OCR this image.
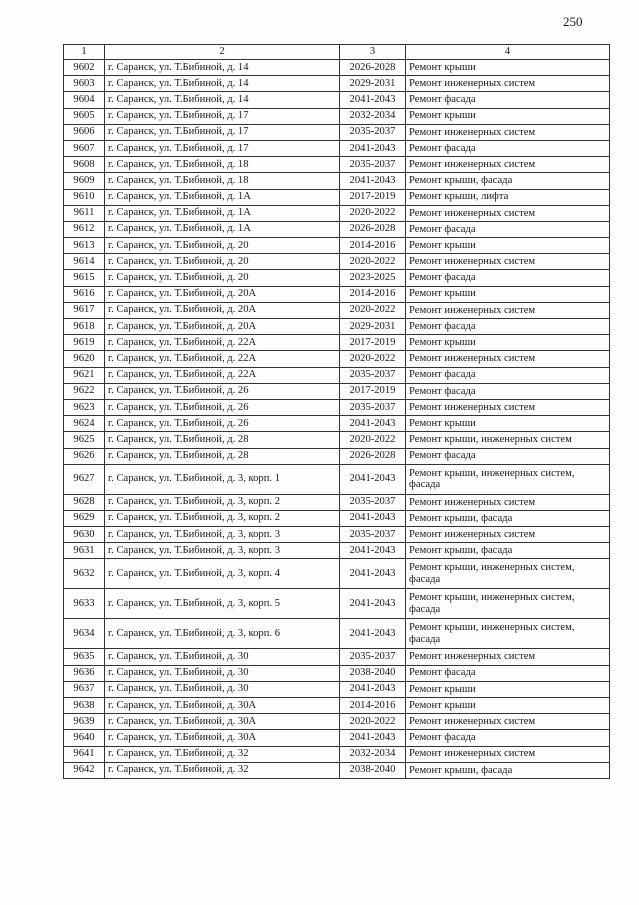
250
1	2	3	4
9602	г. Саранск, ул. Т.Бибиной, д. 14	2026-2028	Ремонт крыши
9603	г. Саранск, ул. Т.Бибиной, д. 14	2029-2031	Ремонт инженерных систем
9604	г. Саранск, ул. Т.Бибиной, д. 14	2041-2043	Ремонт фасада
9605	г. Саранск, ул. Т.Бибиной, д. 17	2032-2034	Ремонт крыши
9606	г. Саранск, ул. Т.Бибиной, д. 17	2035-2037	Ремонт инженерных систем
9607	г. Саранск, ул. Т.Бибиной, д. 17	2041-2043	Ремонт фасада
9608	г. Саранск, ул. Т.Бибиной, д. 18	2035-2037	Ремонт инженерных систем
9609	г. Саранск, ул. Т.Бибиной, д. 18	2041-2043	Ремонт крыши, фасада
9610	г. Саранск, ул. Т.Бибиной, д. 1А	2017-2019	Ремонт крыши, лифта
9611	г. Саранск, ул. Т.Бибиной, д. 1А	2020-2022	Ремонт инженерных систем
9612	г. Саранск, ул. Т.Бибиной, д. 1А	2026-2028	Ремонт фасада
9613	г. Саранск, ул. Т.Бибиной, д. 20	2014-2016	Ремонт крыши
9614	г. Саранск, ул. Т.Бибиной, д. 20	2020-2022	Ремонт инженерных систем
9615	г. Саранск, ул. Т.Бибиной, д. 20	2023-2025	Ремонт фасада
9616	г. Саранск, ул. Т.Бибиной, д. 20А	2014-2016	Ремонт крыши
9617	г. Саранск, ул. Т.Бибиной, д. 20А	2020-2022	Ремонт инженерных систем
9618	г. Саранск, ул. Т.Бибиной, д. 20А	2029-2031	Ремонт фасада
9619	г. Саранск, ул. Т.Бибиной, д. 22А	2017-2019	Ремонт крыши
9620	г. Саранск, ул. Т.Бибиной, д. 22А	2020-2022	Ремонт инженерных систем
9621	г. Саранск, ул. Т.Бибиной, д. 22А	2035-2037	Ремонт фасада
9622	г. Саранск, ул. Т.Бибиной, д. 26	2017-2019	Ремонт фасада
9623	г. Саранск, ул. Т.Бибиной, д. 26	2035-2037	Ремонт инженерных систем
9624	г. Саранск, ул. Т.Бибиной, д. 26	2041-2043	Ремонт крыши
9625	г. Саранск, ул. Т.Бибиной, д. 28	2020-2022	Ремонт крыши, инженерных систем
9626	г. Саранск, ул. Т.Бибиной, д. 28	2026-2028	Ремонт фасада
9627	г. Саранск, ул. Т.Бибиной, д. 3, корп. 1	2041-2043	Ремонт крыши, инженерных систем, фасада
9628	г. Саранск, ул. Т.Бибиной, д. 3, корп. 2	2035-2037	Ремонт инженерных систем
9629	г. Саранск, ул. Т.Бибиной, д. 3, корп. 2	2041-2043	Ремонт крыши, фасада
9630	г. Саранск, ул. Т.Бибиной, д. 3, корп. 3	2035-2037	Ремонт инженерных систем
9631	г. Саранск, ул. Т.Бибиной, д. 3, корп. 3	2041-2043	Ремонт крыши, фасада
9632	г. Саранск, ул. Т.Бибиной, д. 3, корп. 4	2041-2043	Ремонт крыши, инженерных систем, фасада
9633	г. Саранск, ул. Т.Бибиной, д. 3, корп. 5	2041-2043	Ремонт крыши, инженерных систем, фасада
9634	г. Саранск, ул. Т.Бибиной, д. 3, корп. 6	2041-2043	Ремонт крыши, инженерных систем, фасада
9635	г. Саранск, ул. Т.Бибиной, д. 30	2035-2037	Ремонт инженерных систем
9636	г. Саранск, ул. Т.Бибиной, д. 30	2038-2040	Ремонт фасада
9637	г. Саранск, ул. Т.Бибиной, д. 30	2041-2043	Ремонт крыши
9638	г. Саранск, ул. Т.Бибиной, д. 30А	2014-2016	Ремонт крыши
9639	г. Саранск, ул. Т.Бибиной, д. 30А	2020-2022	Ремонт инженерных систем
9640	г. Саранск, ул. Т.Бибиной, д. 30А	2041-2043	Ремонт фасада
9641	г. Саранск, ул. Т.Бибиной, д. 32	2032-2034	Ремонт инженерных систем
9642	г. Саранск, ул. Т.Бибиной, д. 32	2038-2040	Ремонт крыши, фасада
